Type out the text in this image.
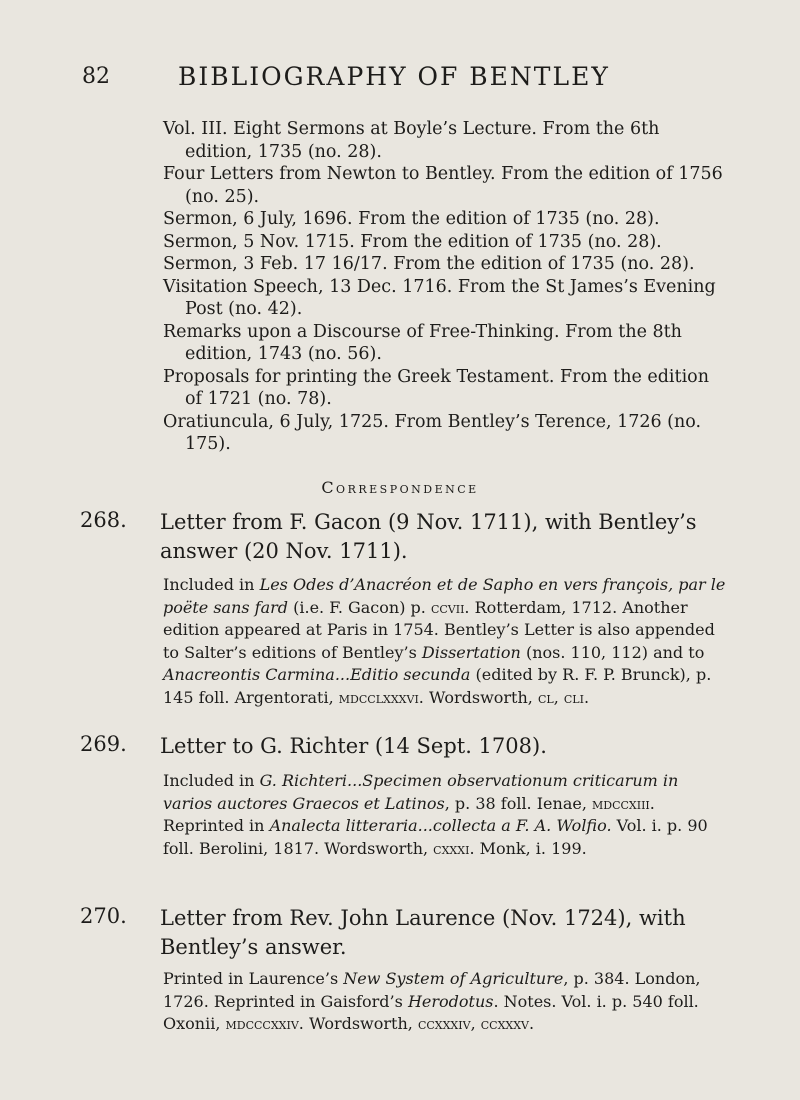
82	BIBLIOGRAPHY OF BENTLEY

Vol. III. Eight Sermons at Boyle’s Lecture. From the 6th edition, 1735 (no. 28).

Four Letters from Newton to Bentley. From the edition of 1756 (no. 25).

Sermon, 6 July, 1696. From the edition of 1735 (no. 28).

Sermon, 5 Nov. 1715. From the edition of 1735 (no. 28).

Sermon, 3 Feb. 17 16/17. From the edition of 1735 (no. 28).

Visitation Speech, 13 Dec. 1716. From the St James’s Evening Post (no. 42).

Remarks upon a Discourse of Free-Thinking. From the 8th edition, 1743 (no. 56).

Proposals for printing the Greek Testament. From the edition of 1721 (no. 78).

Oratiuncula, 6 July, 1725. From Bentley’s Terence, 1726 (no. 175).

Correspondence
268. Letter from F. Gacon (9 Nov. 1711), with Bentley’s answer (20 Nov. 1711).

Included in Les Odes d’Anacréon et de Sapho en vers françois, par le poëte sans fard (i.e. F. Gacon) p. ccvii. Rotterdam, 1712. Another edition appeared at Paris in 1754. Bentley’s Letter is also appended to Salter’s editions of Bentley’s Dissertation (nos. 110, 112) and to Anacreontis Carmina...Editio secunda (edited by R. F. P. Brunck), p. 145 foll. Argentorati, mdcclxxxvi. Wordsworth, cl, cli.

269. Letter to G. Richter (14 Sept. 1708).

Included in G. Richteri...Specimen observationum criticarum in varios auctores Graecos et Latinos, p. 38 foll. Ienae, mdccxiii. Reprinted in Analecta litteraria...collecta a F. A. Wolfio. Vol. i. p. 90 foll. Berolini, 1817. Wordsworth, cxxxi. Monk, i. 199.

270. Letter from Rev. John Laurence (Nov. 1724), with Bentley’s answer.

Printed in Laurence’s New System of Agriculture, p. 384. London, 1726. Reprinted in Gaisford’s Herodotus. Notes. Vol. i. p. 540 foll. Oxonii, mdcccxxiv. Wordsworth, ccxxxiv, ccxxxv.
